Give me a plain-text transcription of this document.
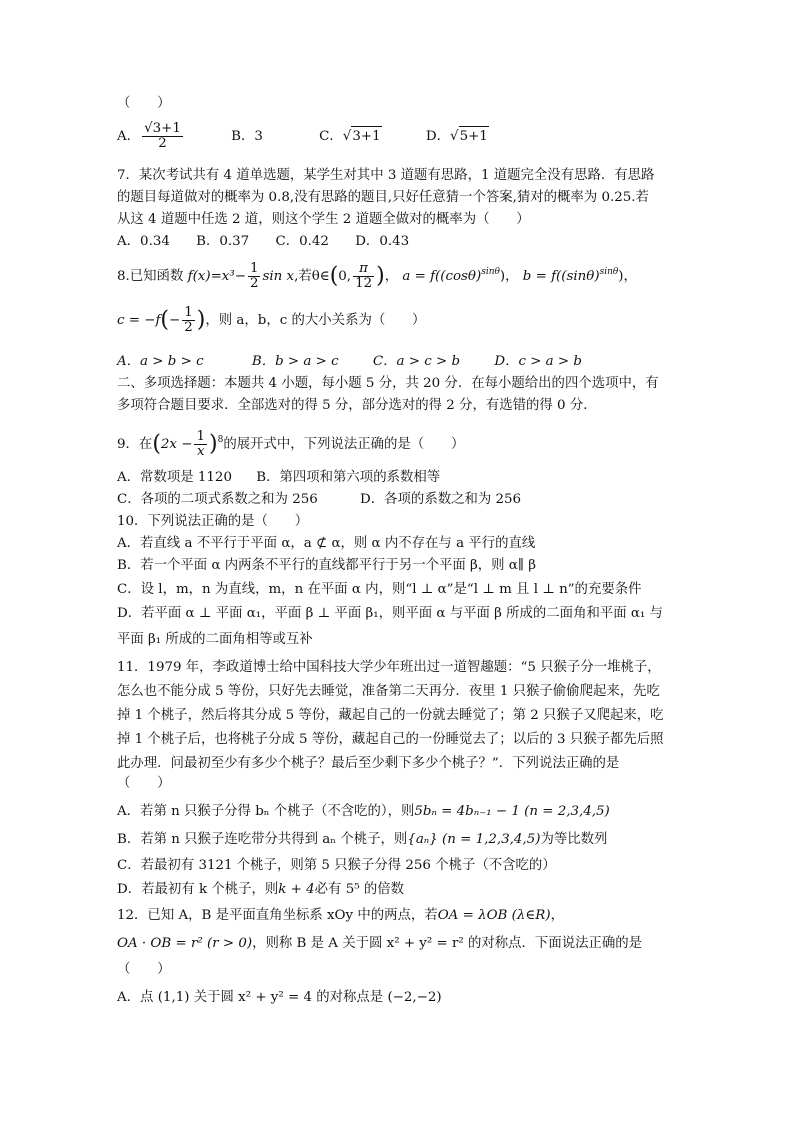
（　　）
A． $\frac{√3+1}{2}$	B．3	C．√3+1	D．√5+1
7．某次考试共有 4 道单选题，某学生对其中 3 道题有思路，1 道题完全没有思路．有思路
的题目每道做对的概率为 0.8,没有思路的题目,只好任意猜一个答案,猜对的概率为 0.25.若
从这 4 道题中任选 2 道，则这个学生 2 道题全做对的概率为（　　）
A．0.34 B．0.37 C．0.42 D．0.43
8.已知函数 $f(x)=x^3- \frac{1}{2}$ sin x,若θ∈(0, $\frac{\pi}{12}$ )， $a = f((\cos\theta)^{sin\theta})$， $b = f((\sin\theta)^{sin\theta})$，
$c = -f(- \frac{1}{2}$ )，则 a，b，c 的大小关系为（　　）
A．a > b > c	B．b > a > c	C．a > c > b	D．c > a > b
二、多项选择题：本题共 4 小题，每小题 5 分，共 20 分．在每小题给出的四个选项中，有
多项符合题目要求．全部选对的得 5 分，部分选对的得 2 分，有选错的得 0 分．
9．在$(2x - \frac{1}{x} )^8$的展开式中，下列说法正确的是（　　）
A．常数项是 1120 B．第四项和第六项的系数相等
C．各项的二项式系数之和为 256	D．各项的系数之和为 256
10．下列说法正确的是（　　）
A．若直线 a 不平行于平面 α，a ⊄ α，则 α 内不存在与 a 平行的直线
B．若一个平面 α 内两条不平行的直线都平行于另一个平面 β，则 α∥ β
C．设 l，m，n 为直线，m，n 在平面 α 内，则“l ⊥ α”是“l ⊥ m 且 l ⊥ n”的充要条件
D．若平面 α ⊥ 平面 α₁，平面 β ⊥ 平面 β₁，则平面 α 与平面 β 所成的二面角和平面 α₁ 与
平面 β₁ 所成的二面角相等或互补
11．1979 年，李政道博士给中国科技大学少年班出过一道智趣题：“5 只猴子分一堆桃子，
怎么也不能分成 5 等份，只好先去睡觉，准备第二天再分．夜里 1 只猴子偷偷爬起来，先吃
掉 1 个桃子，然后将其分成 5 等份，藏起自己的一份就去睡觉了；第 2 只猴子又爬起来，吃
掉 1 个桃子后，也将桃子分成 5 等份，藏起自己的一份睡觉去了；以后的 3 只猴子都先后照
此办理．问最初至少有多少个桃子？最后至少剩下多少个桃子？”．下列说法正确的是
（　　）
A．若第 n 只猴子分得 bₙ 个桃子（不含吃的），则5bₙ = 4bₙ₋₁ − 1 (n = 2,3,4,5)
B．若第 n 只猴子连吃带分共得到 aₙ 个桃子，则{aₙ} (n = 1,2,3,4,5)为等比数列
C．若最初有 3121 个桃子，则第 5 只猴子分得 256 个桃子（不含吃的）
D．若最初有 k 个桃子，则k + 4必有 5⁵ 的倍数
12．已知 A，B 是平面直角坐标系 xOy 中的两点，若OA = λOB (λ∈R)，
OA · OB = r² (r > 0)，则称 B 是 A 关于圆 x² + y² = r² 的对称点．下面说法正确的是
（　　）
A．点 (1,1) 关于圆 x² + y² = 4 的对称点是 (−2,−2)
